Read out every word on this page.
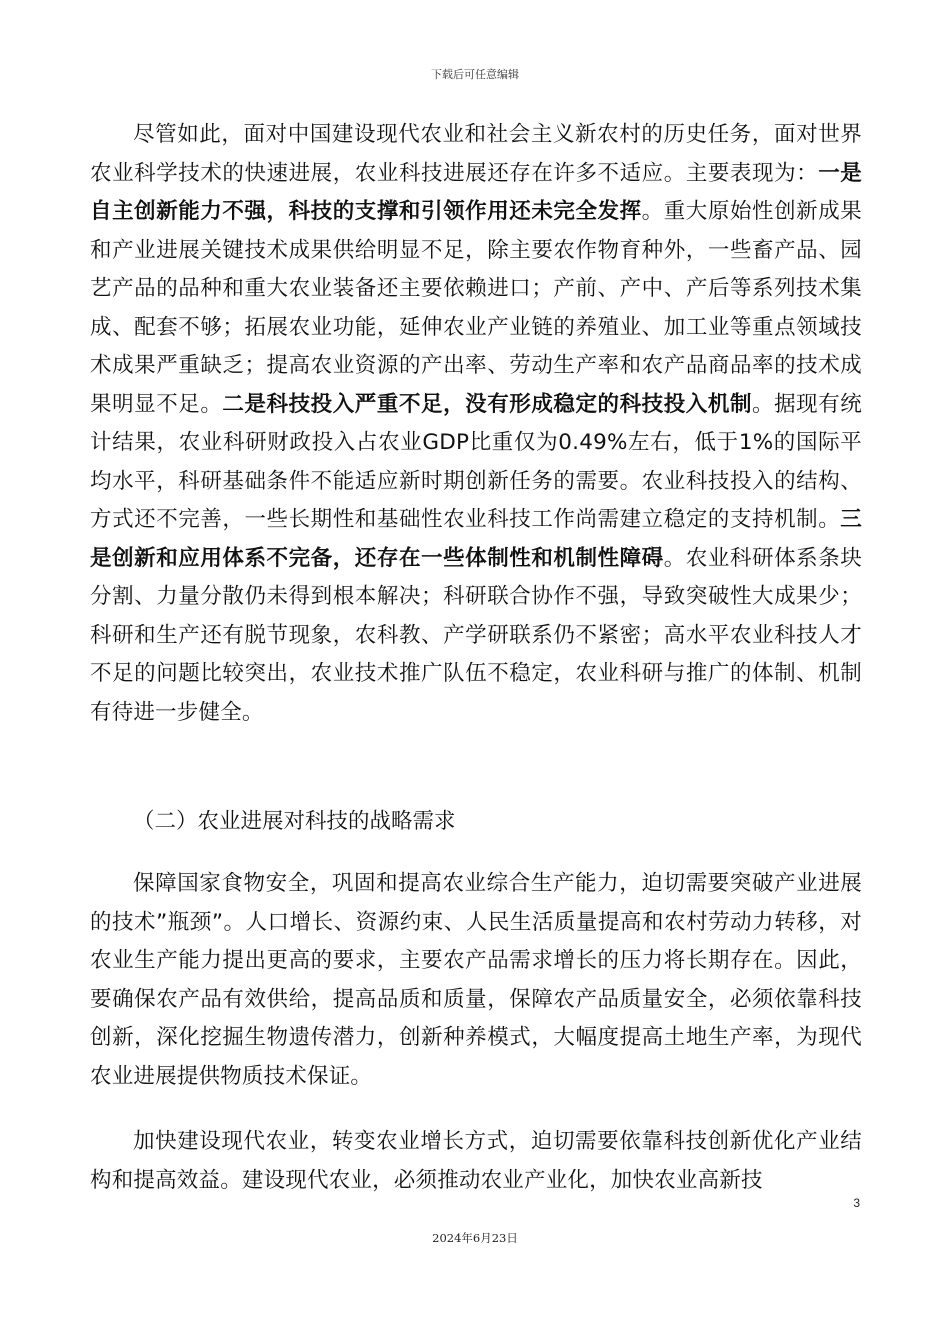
下载后可任意编辑

尽管如此，面对中国建设现代农业和社会主义新农村的历史任务，面对世界农业科学技术的快速进展，农业科技进展还存在许多不适应。主要表现为：一是自主创新能力不强，科技的支撑和引领作用还未完全发挥。重大原始性创新成果和产业进展关键技术成果供给明显不足，除主要农作物育种外，一些畜产品、园艺产品的品种和重大农业装备还主要依赖进口；产前、产中、产后等系列技术集成、配套不够；拓展农业功能，延伸农业产业链的养殖业、加工业等重点领域技术成果严重缺乏；提高农业资源的产出率、劳动生产率和农产品商品率的技术成果明显不足。二是科技投入严重不足，没有形成稳定的科技投入机制。据现有统计结果，农业科研财政投入占农业GDP比重仅为0.49%左右，低于1%的国际平均水平，科研基础条件不能适应新时期创新任务的需要。农业科技投入的结构、方式还不完善，一些长期性和基础性农业科技工作尚需建立稳定的支持机制。三是创新和应用体系不完备，还存在一些体制性和机制性障碍。农业科研体系条块分割、力量分散仍未得到根本解决；科研联合协作不强，导致突破性大成果少；科研和生产还有脱节现象，农科教、产学研联系仍不紧密；高水平农业科技人才不足的问题比较突出，农业技术推广队伍不稳定，农业科研与推广的体制、机制有待进一步健全。

（二）农业进展对科技的战略需求

保障国家食物安全，巩固和提高农业综合生产能力，迫切需要突破产业进展的技术”瓶颈”。人口增长、资源约束、人民生活质量提高和农村劳动力转移，对农业生产能力提出更高的要求，主要农产品需求增长的压力将长期存在。因此，要确保农产品有效供给，提高品质和质量，保障农产品质量安全，必须依靠科技创新，深化挖掘生物遗传潜力，创新种养模式，大幅度提高土地生产率，为现代农业进展提供物质技术保证。

加快建设现代农业，转变农业增长方式，迫切需要依靠科技创新优化产业结构和提高效益。建设现代农业，必须推动农业产业化，加快农业高新技

3
2024年6月23日
